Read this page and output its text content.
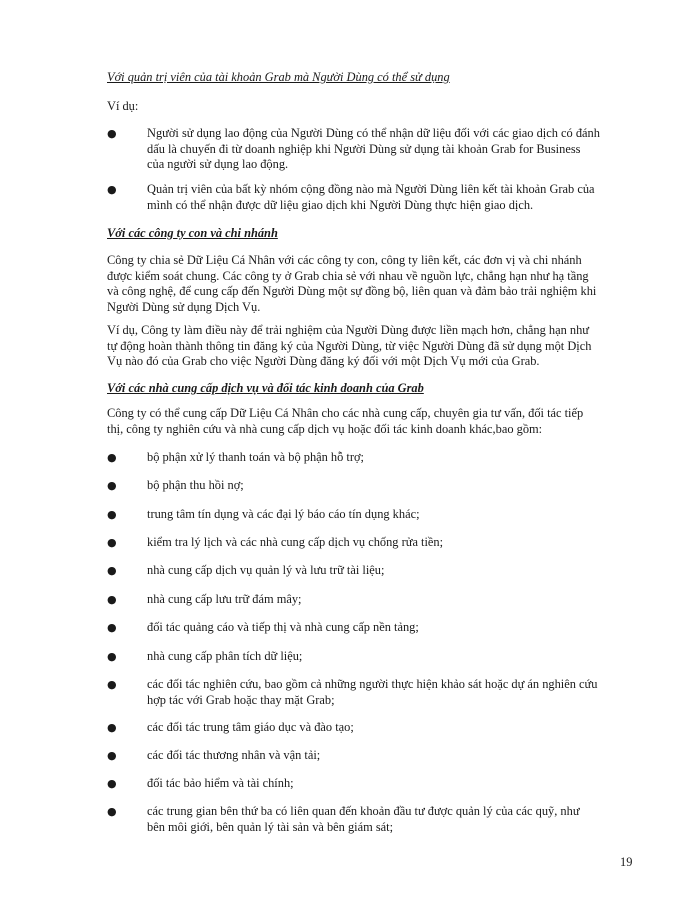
Với quản trị viên của tài khoản Grab mà Người Dùng có thể sử dụng
Ví dụ:
●	Người sử dụng lao động của Người Dùng có thể nhận dữ liệu đối với các giao dịch có đánh dấu là chuyến đi từ doanh nghiệp khi Người Dùng sử dụng tài khoản Grab for Business của người sử dụng lao động.
●	Quản trị viên của bất kỳ nhóm cộng đồng nào mà Người Dùng liên kết tài khoản Grab của mình có thể nhận được dữ liệu giao dịch khi Người Dùng thực hiện giao dịch.
Với các công ty con và chi nhánh
Công ty chia sẻ Dữ Liệu Cá Nhân với các công ty con, công ty liên kết, các đơn vị và chi nhánh được kiểm soát chung. Các công ty ở Grab chia sẻ với nhau về nguồn lực, chẳng hạn như hạ tầng và công nghệ, để cung cấp đến Người Dùng một sự đồng bộ, liên quan và đảm bảo trải nghiệm khi Người Dùng sử dụng Dịch Vụ.
Ví dụ, Công ty làm điều này để trải nghiệm của Người Dùng được liền mạch hơn, chẳng hạn như tự động hoàn thành thông tin đăng ký của Người Dùng, từ việc Người Dùng đã sử dụng một Dịch Vụ nào đó của Grab cho việc Người Dùng đăng ký đối với một Dịch Vụ mới của Grab.
Với các nhà cung cấp dịch vụ và đối tác kinh doanh của Grab
Công ty có thể cung cấp Dữ Liệu Cá Nhân cho các nhà cung cấp, chuyên gia tư vấn, đối tác tiếp thị, công ty nghiên cứu và nhà cung cấp dịch vụ hoặc đối tác kinh doanh khác,bao gồm:
●	bộ phận xử lý thanh toán và bộ phận hỗ trợ;
●	bộ phận thu hồi nợ;
●	trung tâm tín dụng và các đại lý báo cáo tín dụng khác;
●	kiểm tra lý lịch và các nhà cung cấp dịch vụ chống rửa tiền;
●	nhà cung cấp dịch vụ quản lý và lưu trữ tài liệu;
●	nhà cung cấp lưu trữ đám mây;
●	đối tác quảng cáo và tiếp thị và nhà cung cấp nền tảng;
●	nhà cung cấp phân tích dữ liệu;
●	các đối tác nghiên cứu, bao gồm cả những người thực hiện khảo sát hoặc dự án nghiên cứu hợp tác với Grab hoặc thay mặt Grab;
●	các đối tác trung tâm giáo dục và đào tạo;
●	các đối tác thương nhân và vận tải;
●	đối tác bảo hiểm và tài chính;
●	các trung gian bên thứ ba có liên quan đến khoản đầu tư được quản lý của các quỹ, như bên môi giới, bên quản lý tài sản và bên giám sát;
19
